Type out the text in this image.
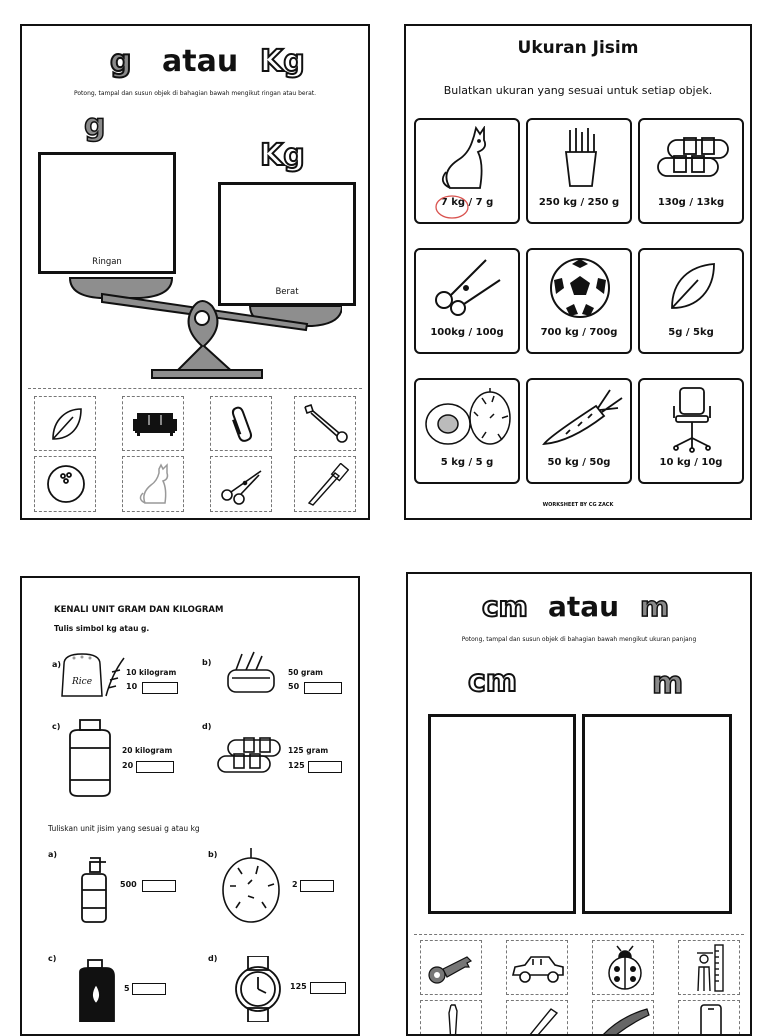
g atau Kg
Potong, tampal dan susun objek di bahagian bawah mengikut ringan atau berat.
g
Kg
Ringan
Berat
Ukuran Jisim
Bulatkan ukuran yang sesuai untuk setiap objek.
7 kg / 7 g	250 kg / 250 g	130g / 13kg
100kg / 100g	700 kg / 700g	5g / 5kg
5 kg / 5 g	50 kg / 50g	10 kg / 10g
WORKSHEET BY CG ZACK
KENALI UNIT GRAM DAN KILOGRAM
Tulis simbol kg atau g.
a)
Rice
10 kilogram
10
b)
50 gram
50
c)
20 kilogram
20
d)
125 gram
125
Tuliskan unit jisim yang sesuai g atau kg
a)
500
b)
2
c)
5
d)
125
cm atau m
Potong, tampal dan susun objek di bahagian bawah mengikut ukuran panjang
cm	m
